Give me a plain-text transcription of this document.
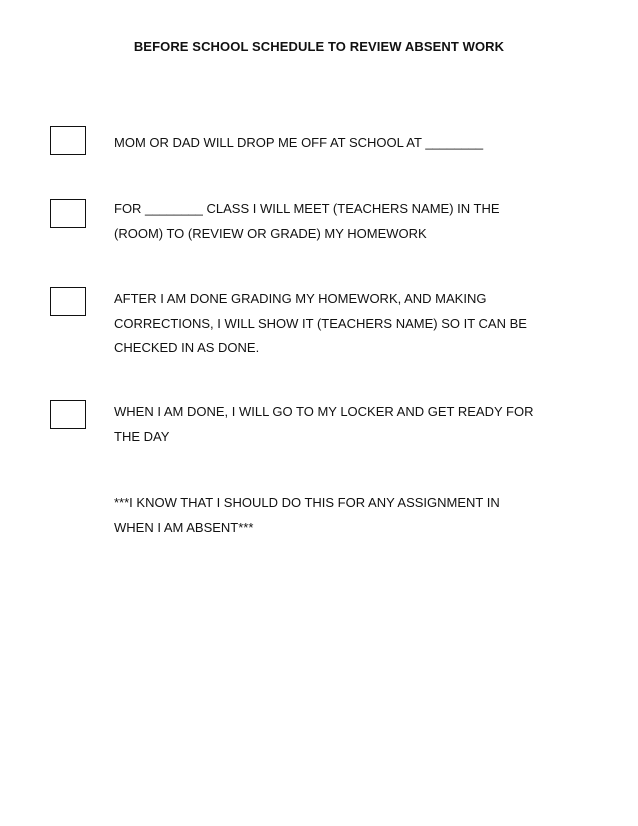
BEFORE SCHOOL SCHEDULE TO REVIEW ABSENT WORK
MOM OR DAD WILL DROP ME OFF AT SCHOOL AT ________
FOR ________ CLASS I WILL MEET (TEACHERS NAME) IN THE
(ROOM) TO (REVIEW OR GRADE) MY HOMEWORK
AFTER I AM DONE GRADING MY HOMEWORK, AND MAKING
CORRECTIONS, I WILL SHOW IT (TEACHERS NAME) SO IT CAN BE
CHECKED IN AS DONE.
WHEN I AM DONE, I WILL GO TO MY LOCKER AND GET READY FOR
THE DAY
***I KNOW THAT I SHOULD DO THIS FOR ANY ASSIGNMENT IN
WHEN I AM ABSENT***
